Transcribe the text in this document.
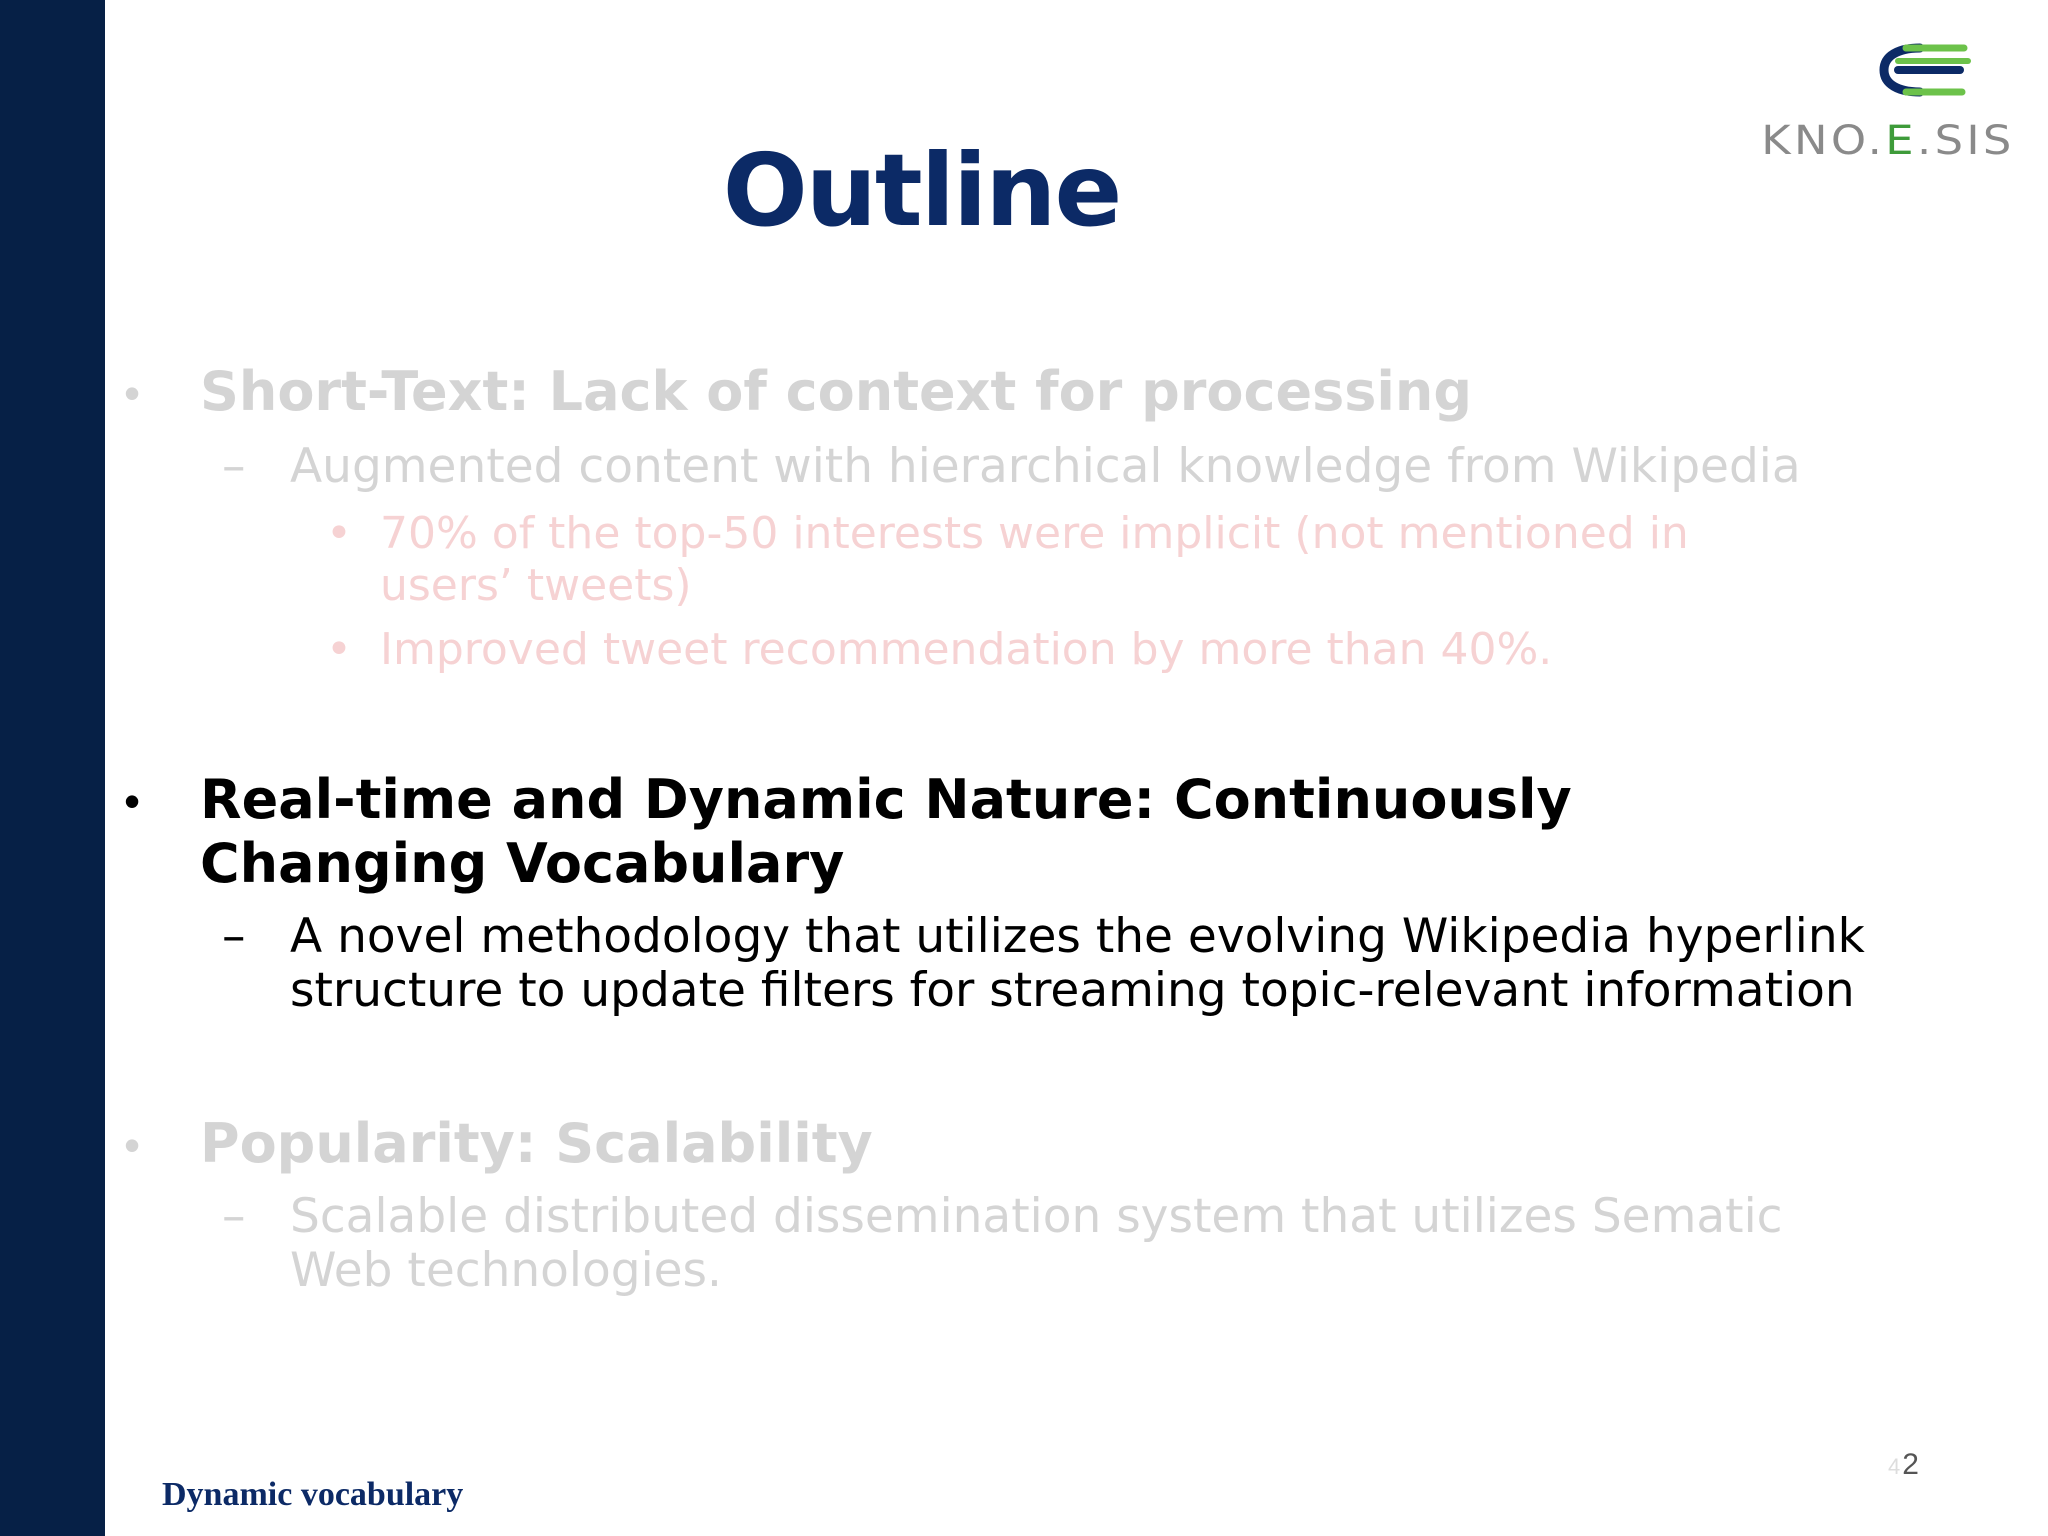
KNO.E.SIS
Outline
• Short-Text: Lack of context for processing
– Augmented content with hierarchical knowledge from Wikipedia
• 70% of the top-50 interests were implicit (not mentioned in users’ tweets)
• Improved tweet recommendation by more than 40%.
• Real-time and Dynamic Nature: Continuously Changing Vocabulary
– A novel methodology that utilizes the evolving Wikipedia hyperlink structure to update filters for streaming topic-relevant information
• Popularity: Scalability
– Scalable distributed dissemination system that utilizes Sematic Web technologies.
Dynamic vocabulary
42
